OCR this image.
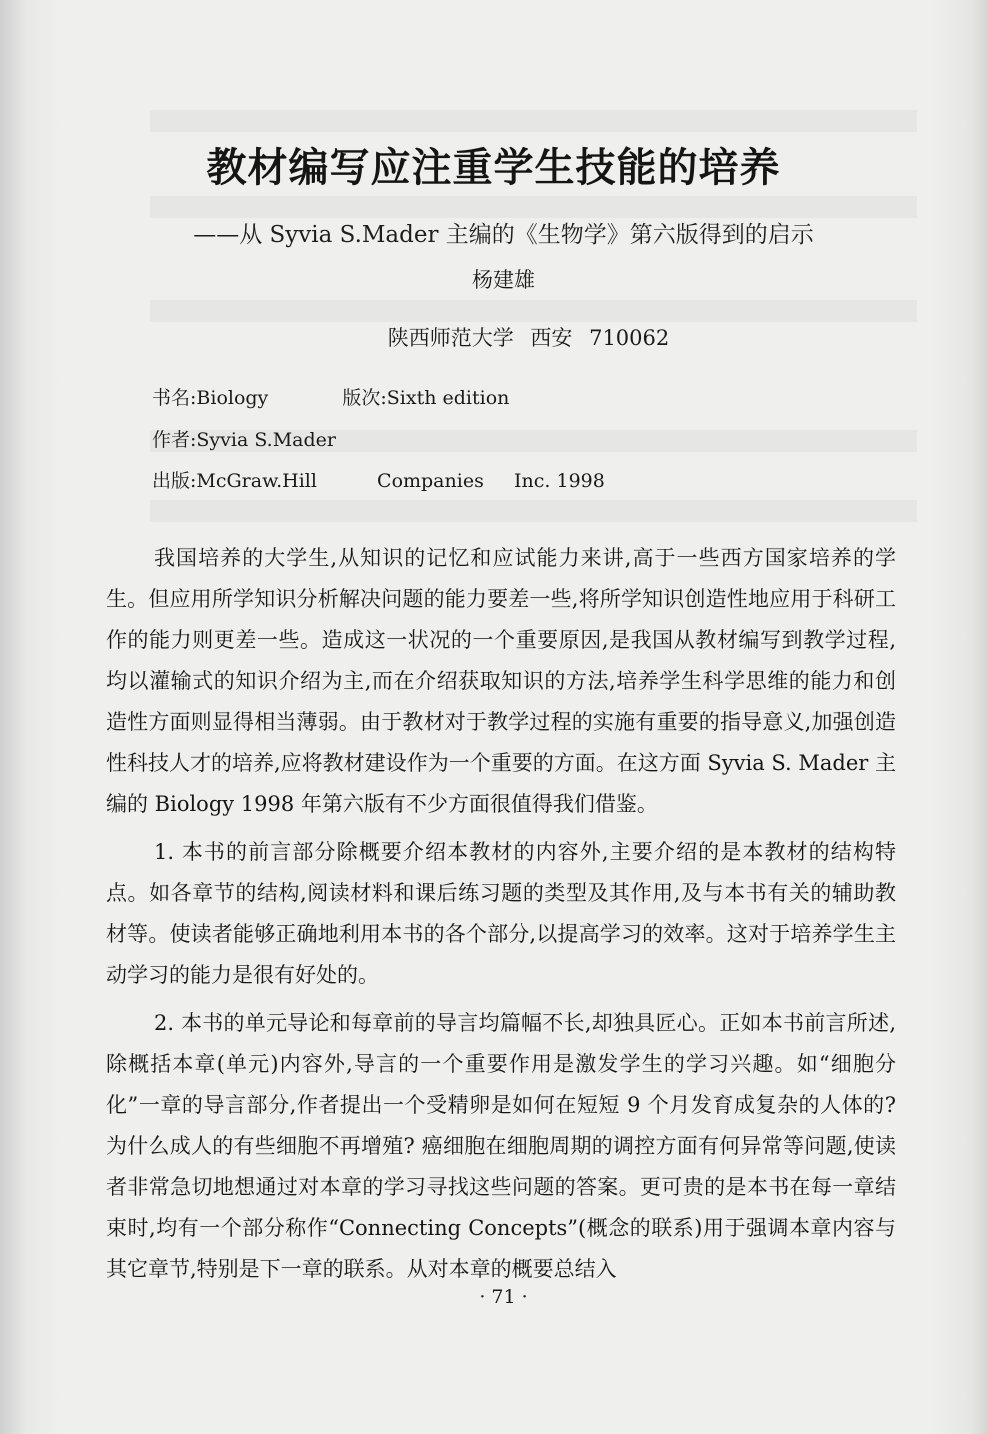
教材编写应注重学生技能的培养
——从 Syvia S.Mader 主编的《生物学》第六版得到的启示
杨建雄
陕西师范大学 西安 710062
书名:Biology	版次:Sixth edition
作者:Syvia S.Mader
出版:McGraw.Hill	Companies     Inc. 1998

我国培养的大学生,从知识的记忆和应试能力来讲,高于一些西方国家培养的学生。但应用所学知识分析解决问题的能力要差一些,将所学知识创造性地应用于科研工作的能力则更差一些。造成这一状况的一个重要原因,是我国从教材编写到教学过程,均以灌输式的知识介绍为主,而在介绍获取知识的方法,培养学生科学思维的能力和创造性方面则显得相当薄弱。由于教材对于教学过程的实施有重要的指导意义,加强创造性科技人才的培养,应将教材建设作为一个重要的方面。在这方面 Syvia S. Mader 主编的 Biology 1998 年第六版有不少方面很值得我们借鉴。

1. 本书的前言部分除概要介绍本教材的内容外,主要介绍的是本教材的结构特点。如各章节的结构,阅读材料和课后练习题的类型及其作用,及与本书有关的辅助教材等。使读者能够正确地利用本书的各个部分,以提高学习的效率。这对于培养学生主动学习的能力是很有好处的。

2. 本书的单元导论和每章前的导言均篇幅不长,却独具匠心。正如本书前言所述,除概括本章(单元)内容外,导言的一个重要作用是激发学生的学习兴趣。如“细胞分化”一章的导言部分,作者提出一个受精卵是如何在短短 9 个月发育成复杂的人体的? 为什么成人的有些细胞不再增殖? 癌细胞在细胞周期的调控方面有何异常等问题,使读者非常急切地想通过对本章的学习寻找这些问题的答案。更可贵的是本书在每一章结束时,均有一个部分称作“Connecting Concepts”(概念的联系)用于强调本章内容与其它章节,特别是下一章的联系。从对本章的概要总结入

· 71 ·
